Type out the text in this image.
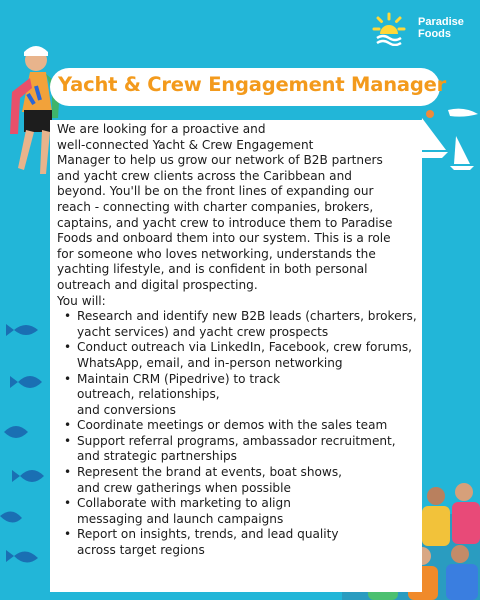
Paradise
Foods
Yacht & Crew Engagement Manager

We are looking for a proactive and
well-connected Yacht & Crew Engagement
Manager to help us grow our network of B2B partners and yacht crew clients across the Caribbean and beyond. You'll be on the front lines of expanding our reach - connecting with charter companies, brokers, captains, and yacht crew to introduce them to Paradise Foods and onboard them into our system. This is a role for someone who loves networking, understands the yachting lifestyle, and is confident in both personal outreach and digital prospecting.

You will:

• Research and identify new B2B leads (charters, brokers, yacht services) and yacht crew prospects
• Conduct outreach via LinkedIn, Facebook, crew forums, WhatsApp, email, and in-person networking
• Maintain CRM (Pipedrive) to track
outreach, relationships,
and conversions
• Coordinate meetings or demos with the sales team
• Support referral programs, ambassador recruitment, and strategic partnerships
• Represent the brand at events, boat shows,
and crew gatherings when possible
• Collaborate with marketing to align
messaging and launch campaigns
• Report on insights, trends, and lead quality
across target regions
